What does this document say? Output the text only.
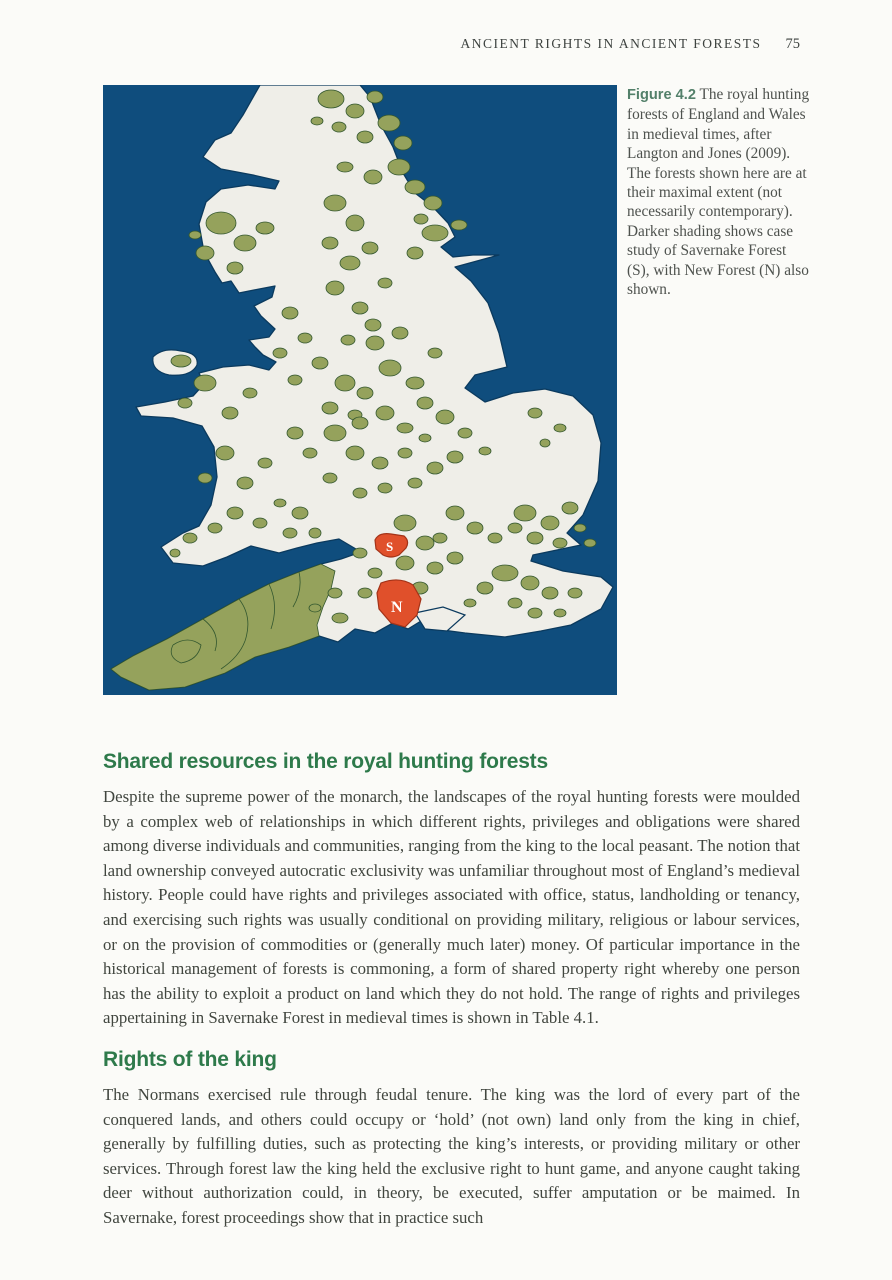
ANCIENT RIGHTS IN ANCIENT FORESTS 75
S
N
Figure 4.2 The royal hunting forests of England and Wales in medieval times, after Langton and Jones (2009). The forests shown here are at their maximal extent (not necessarily contemporary). Darker shading shows case study of Savernake Forest (S), with New Forest (N) also shown.
Shared resources in the royal hunting forests

Despite the supreme power of the monarch, the landscapes of the royal hunting forests were moulded by a complex web of relationships in which different rights, privileges and obligations were shared among diverse individuals and communities, ranging from the king to the local peasant. The notion that land ownership conveyed autocratic exclusivity was unfamiliar throughout most of England’s medieval history. People could have rights and privileges associated with office, status, landholding or tenancy, and exercising such rights was usually conditional on providing military, religious or labour services, or on the provision of commodities or (generally much later) money. Of particular importance in the historical management of forests is commoning, a form of shared property right whereby one person has the ability to exploit a product on land which they do not hold. The range of rights and privileges appertaining in Savernake Forest in medieval times is shown in Table 4.1.

Rights of the king

The Normans exercised rule through feudal tenure. The king was the lord of every part of the conquered lands, and others could occupy or ‘hold’ (not own) land only from the king in chief, generally by fulfilling duties, such as protecting the king’s interests, or providing military or other services. Through forest law the king held the exclusive right to hunt game, and anyone caught taking deer without authorization could, in theory, be executed, suffer amputation or be maimed. In Savernake, forest proceedings show that in practice such
